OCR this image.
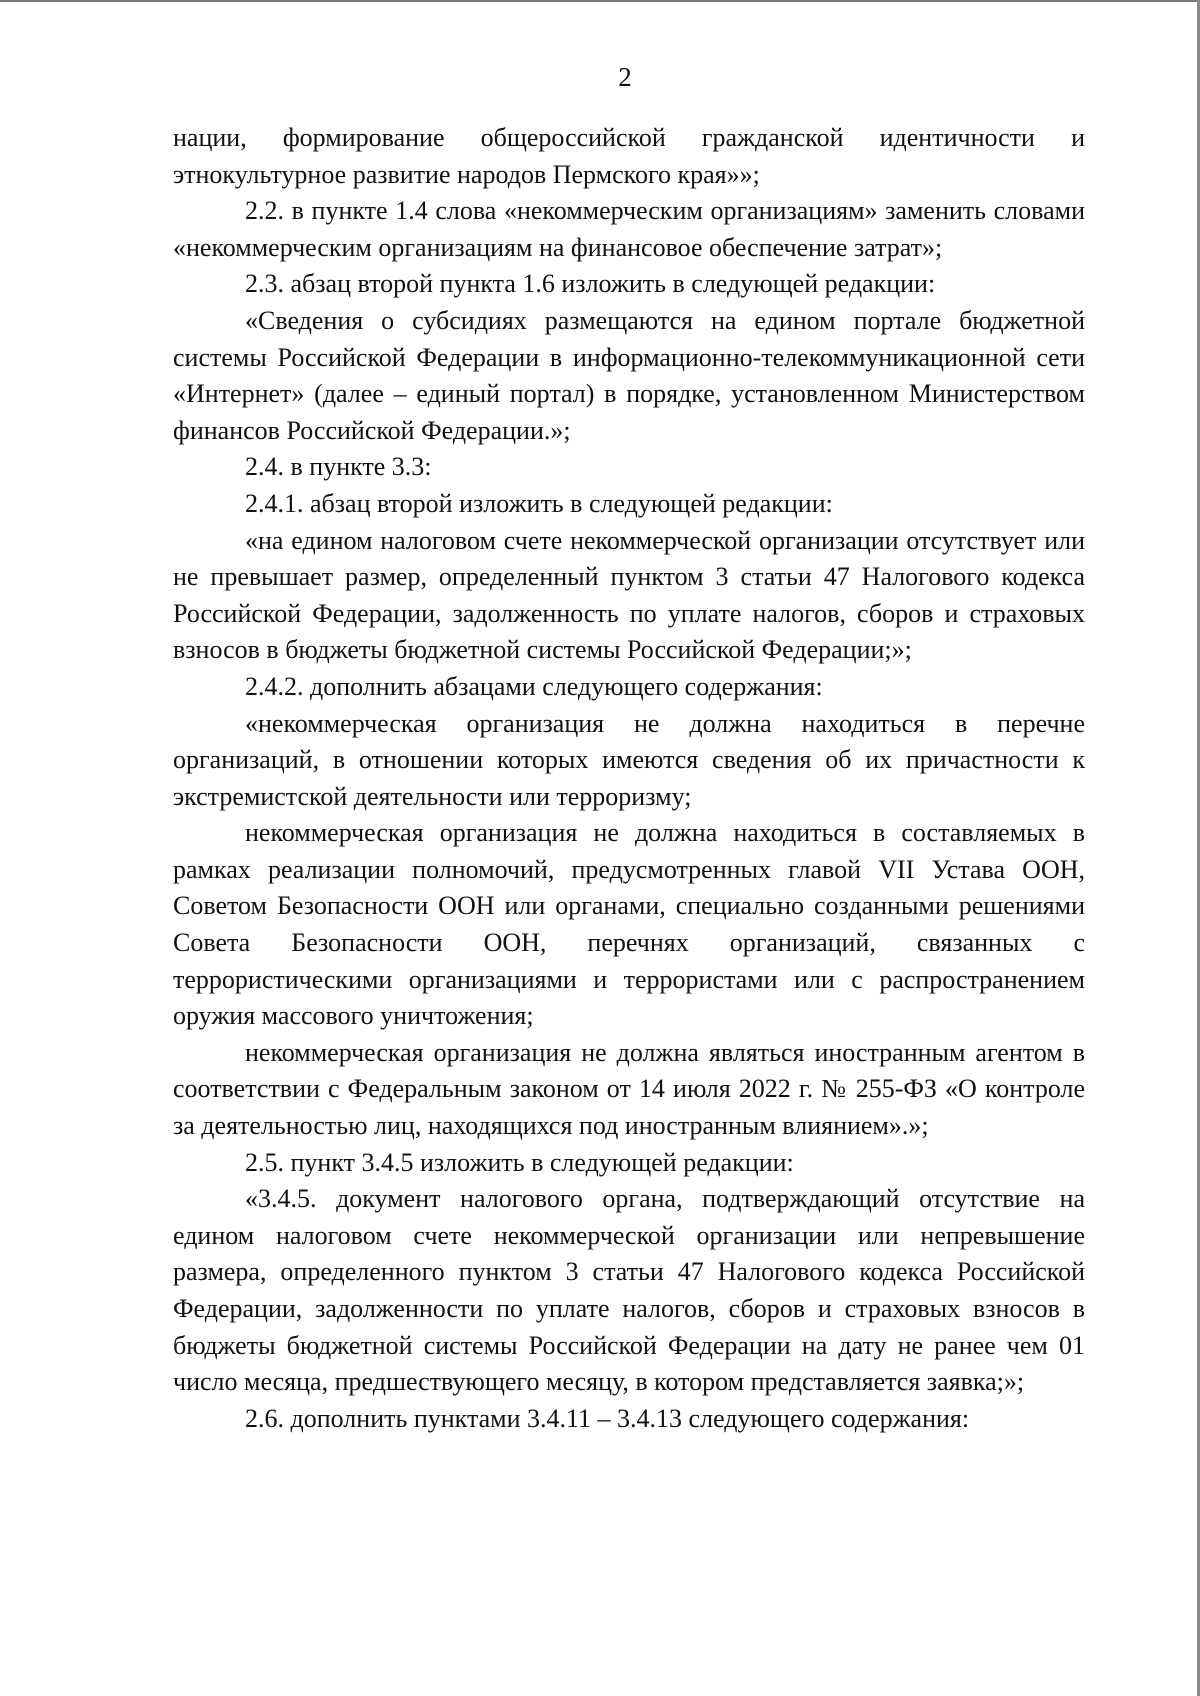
2

нации, формирование общероссийской гражданской идентичности и этнокультурное развитие народов Пермского края»»;

2.2. в пункте 1.4 слова «некоммерческим организациям» заменить словами «некоммерческим организациям на финансовое обеспечение затрат»;

2.3. абзац второй пункта 1.6 изложить в следующей редакции:

«Сведения о субсидиях размещаются на едином портале бюджетной системы Российской Федерации в информационно-телекоммуникационной сети «Интернет» (далее – единый портал) в порядке, установленном Министерством финансов Российской Федерации.»;

2.4. в пункте 3.3:

2.4.1. абзац второй изложить в следующей редакции:

«на едином налоговом счете некоммерческой организации отсутствует или не превышает размер, определенный пунктом 3 статьи 47 Налогового кодекса Российской Федерации, задолженность по уплате налогов, сборов и страховых взносов в бюджеты бюджетной системы Российской Федерации;»;

2.4.2. дополнить абзацами следующего содержания:

«некоммерческая организация не должна находиться в перечне организаций, в отношении которых имеются сведения об их причастности к экстремистской деятельности или терроризму;

некоммерческая организация не должна находиться в составляемых в рамках реализации полномочий, предусмотренных главой VII Устава ООН, Советом Безопасности ООН или органами, специально созданными решениями Совета Безопасности ООН, перечнях организаций, связанных с террористическими организациями и террористами или с распространением оружия массового уничтожения;

некоммерческая организация не должна являться иностранным агентом в соответствии с Федеральным законом от 14 июля 2022 г. № 255-ФЗ «О контроле за деятельностью лиц, находящихся под иностранным влиянием».»;

2.5. пункт 3.4.5 изложить в следующей редакции:

«3.4.5. документ налогового органа, подтверждающий отсутствие на едином налоговом счете некоммерческой организации или непревышение размера, определенного пунктом 3 статьи 47 Налогового кодекса Российской Федерации, задолженности по уплате налогов, сборов и страховых взносов в бюджеты бюджетной системы Российской Федерации на дату не ранее чем 01 число месяца, предшествующего месяцу, в котором представляется заявка;»;

2.6. дополнить пунктами 3.4.11 – 3.4.13 следующего содержания:
